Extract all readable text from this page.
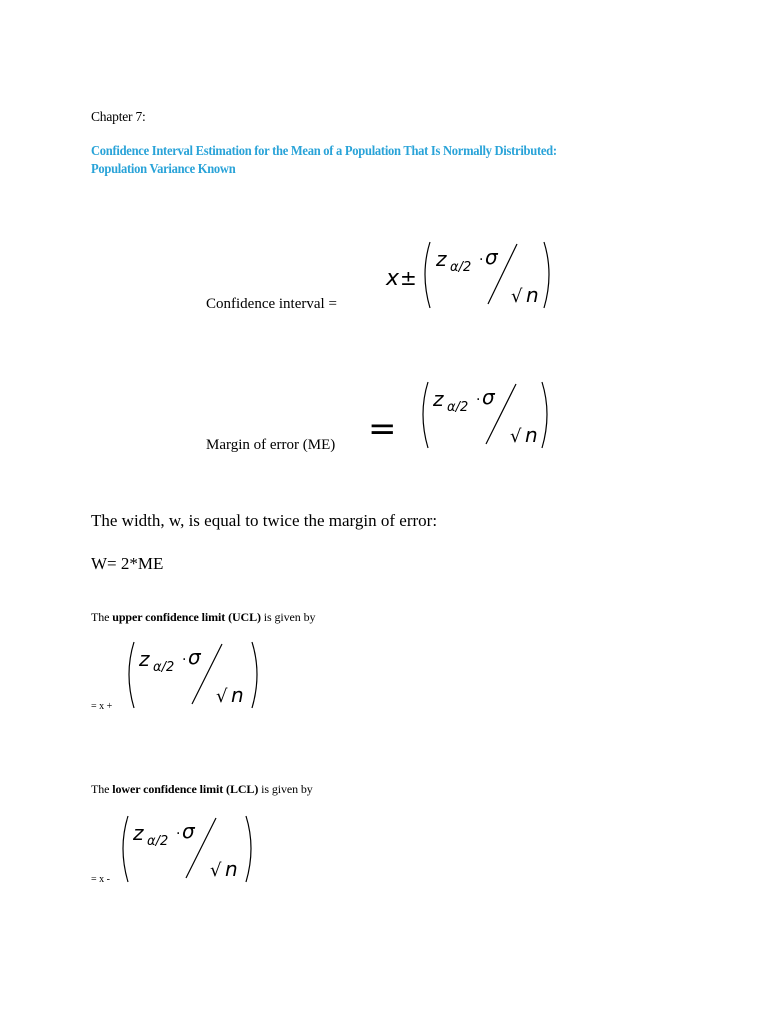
Chapter 7:
Confidence Interval Estimation for the Mean of a Population That Is Normally Distributed:
Population Variance Known
x ±
z α/2 · σ
√ n
Confidence interval =
z α/2 · σ
√ n
Margin of error (ME) =
The width, w, is equal to twice the margin of error:
W= 2*ME
The upper confidence limit (UCL) is given by
z α/2 · σ
√ n
= x +
The lower confidence limit (LCL) is given by
z α/2 · σ
√ n
= x -
